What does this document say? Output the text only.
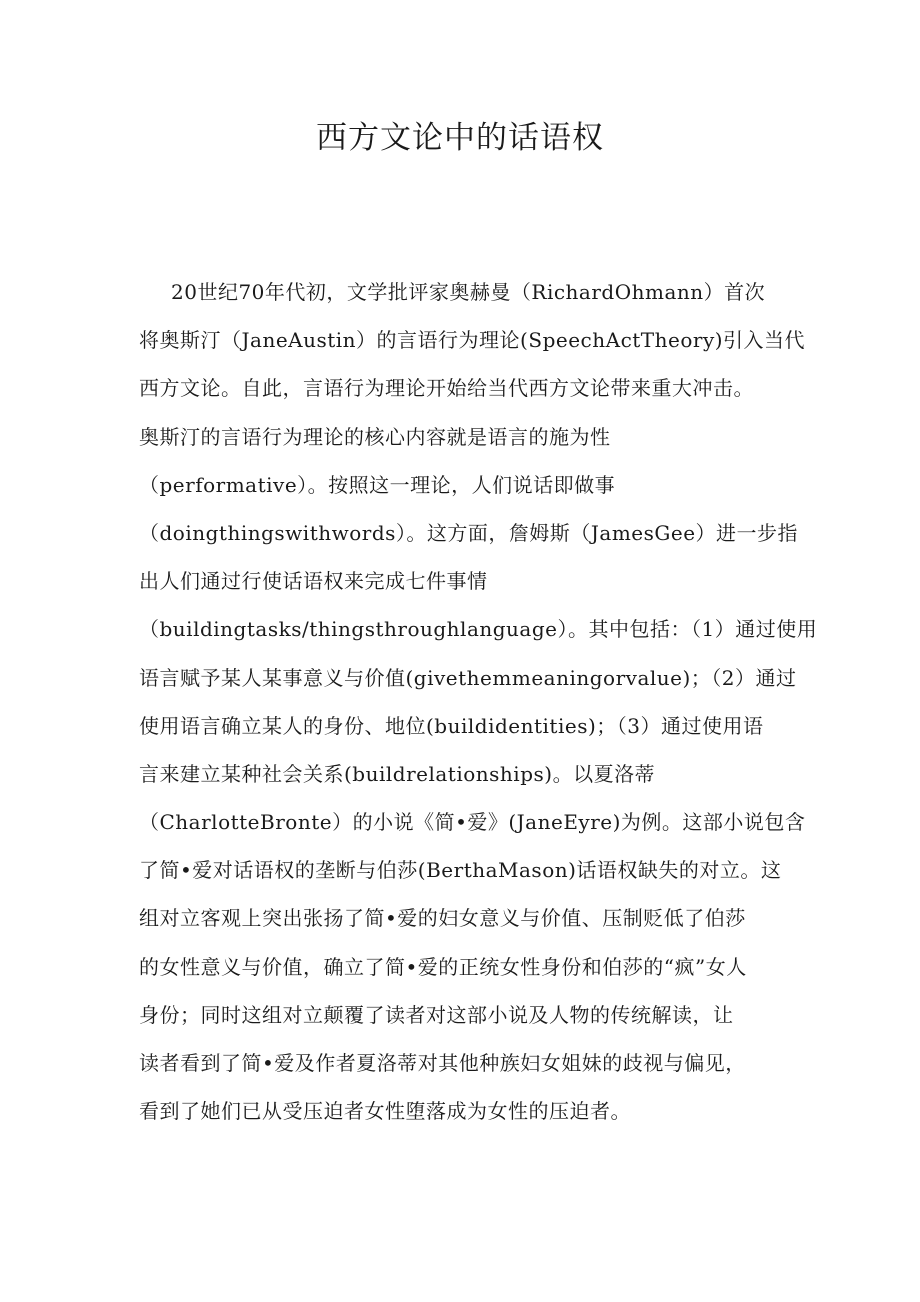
西方文论中的话语权
20世纪70年代初，文学批评家奥赫曼（RichardOhmann）首次
将奥斯汀（JaneAustin）的言语行为理论(SpeechActTheory)引入当代
西方文论。自此，言语行为理论开始给当代西方文论带来重大冲击。
奥斯汀的言语行为理论的核心内容就是语言的施为性
（performative）。按照这一理论，人们说话即做事
（doingthingswithwords）。这方面，詹姆斯（JamesGee）进一步指
出人们通过行使话语权来完成七件事情
（buildingtasks/thingsthroughlanguage）。其中包括：（1）通过使用
语言赋予某人某事意义与价值(givethemmeaningorvalue)；（2）通过
使用语言确立某人的身份、地位(buildidentities)；（3）通过使用语
言来建立某种社会关系(buildrelationships)。以夏洛蒂
（CharlotteBronte）的小说《简•爱》(JaneEyre)为例。这部小说包含
了简•爱对话语权的垄断与伯莎(BerthaMason)话语权缺失的对立。这
组对立客观上突出张扬了简•爱的妇女意义与价值、压制贬低了伯莎
的女性意义与价值，确立了简•爱的正统女性身份和伯莎的“疯”女人
身份；同时这组对立颠覆了读者对这部小说及人物的传统解读，让
读者看到了简•爱及作者夏洛蒂对其他种族妇女姐妹的歧视与偏见，
看到了她们已从受压迫者女性堕落成为女性的压迫者。
